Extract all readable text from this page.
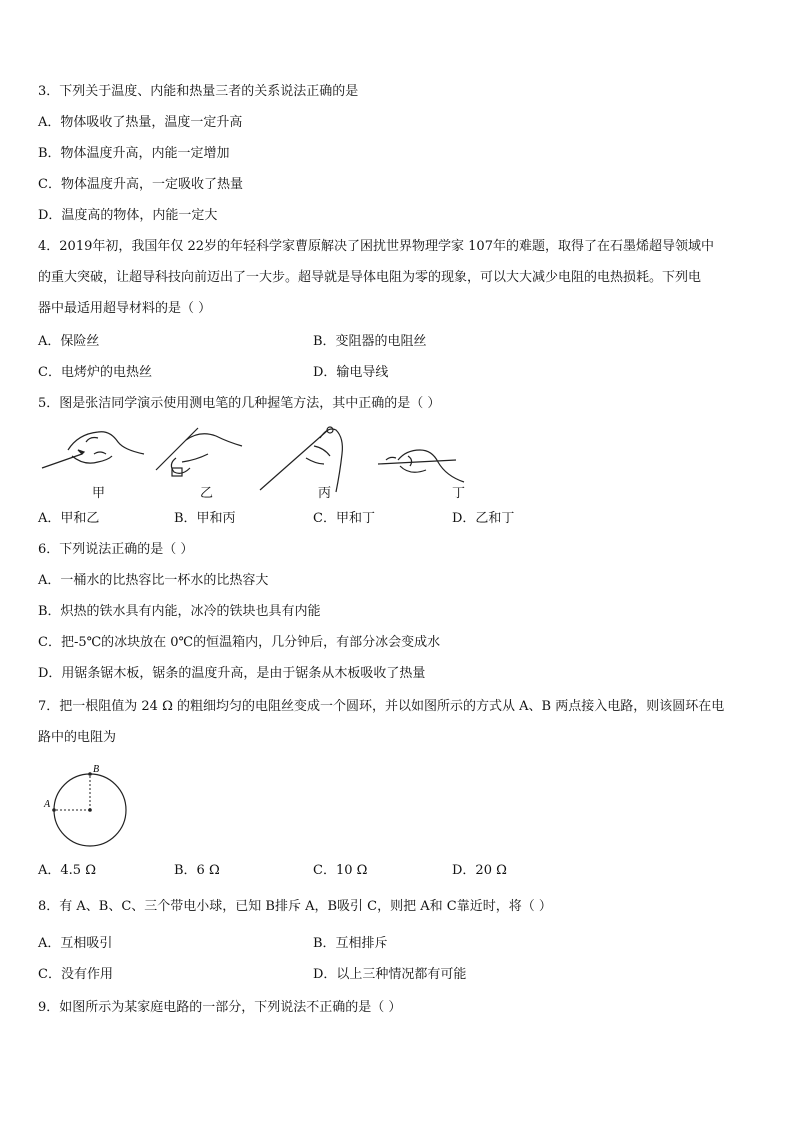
3．下列关于温度、内能和热量三者的关系说法正确的是
A．物体吸收了热量，温度一定升高
B．物体温度升高，内能一定增加
C．物体温度升高，一定吸收了热量
D．温度高的物体，内能一定大
4．2019年初，我国年仅 22岁的年轻科学家曹原解决了困扰世界物理学家 107年的难题，取得了在石墨烯超导领域中
的重大突破，让超导科技向前迈出了一大步。超导就是导体电阻为零的现象，可以大大减少电阻的电热损耗。下列电
器中最适用超导材料的是（ ）
A．保险丝	B．变阻器的电阻丝
C．电烤炉的电热丝	D．输电导线
5．图是张洁同学演示使用测电笔的几种握笔方法，其中正确的是（ ）
甲	乙	丙	丁
A．甲和乙	B．甲和丙	C．甲和丁	D．乙和丁
6．下列说法正确的是（ ）
A．一桶水的比热容比一杯水的比热容大
B．炽热的铁水具有内能，冰冷的铁块也具有内能
C．把-5℃的冰块放在 0℃的恒温箱内，几分钟后，有部分冰会变成水
D．用锯条锯木板，锯条的温度升高，是由于锯条从木板吸收了热量
7．把一根阻值为 24 Ω 的粗细均匀的电阻丝变成一个圆环，并以如图所示的方式从 A、B 两点接入电路，则该圆环在电
路中的电阻为
B
A
A．4.5 Ω	B．6 Ω	C．10 Ω	D．20 Ω
8．有 A、B、C、三个带电小球，已知 B排斥 A，B吸引 C，则把 A和 C靠近时，将（ ）
A．互相吸引	B．互相排斥
C．没有作用	D．以上三种情况都有可能
9．如图所示为某家庭电路的一部分，下列说法不正确的是（ ）
